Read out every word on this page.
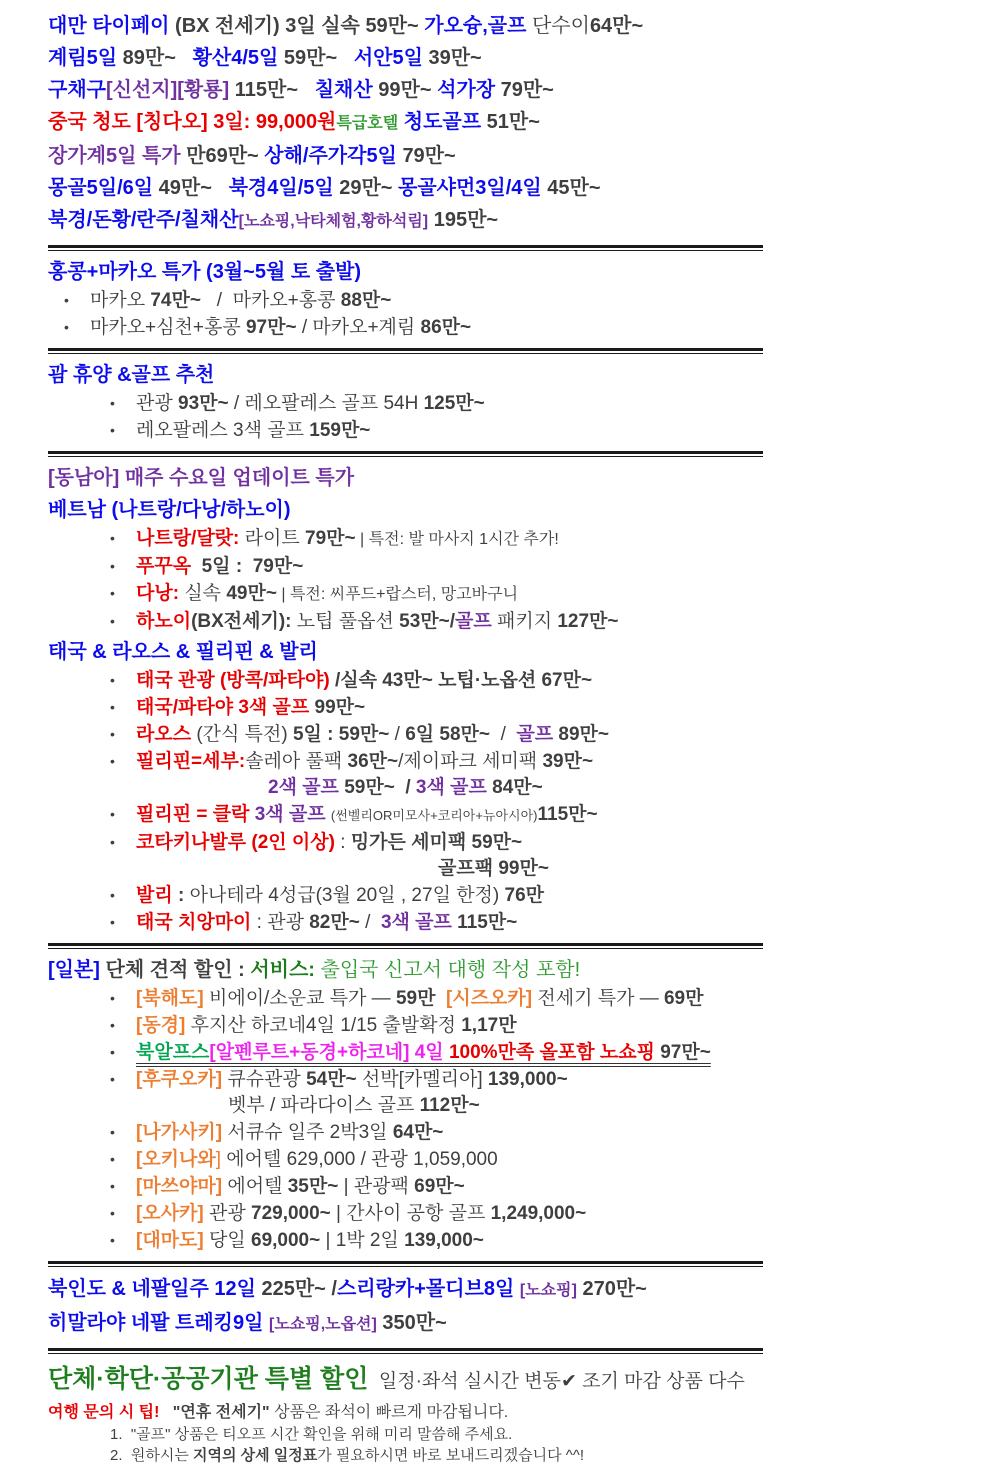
대만 타이페이 (BX 전세기) 3일 실속 59만~ 가오슝,골프 단수이64만~
계림5일 89만~   황산4/5일 59만~   서안5일 39만~
구채구[신선지][황룡] 115만~   칠채산 99만~ 석가장 79만~
중국 청도 [칭다오] 3일: 99,000원특급호텔 청도골프 51만~
장가계5일 특가 만69만~ 상해/주가각5일 79만~
몽골5일/6일 49만~   북경4일/5일 29만~ 몽골샤먼3일/4일 45만~
북경/돈황/란주/칠채산[노쇼핑,낙타체험,황하석림] 195만~
홍콩+마카오 특가 (3월~5월 토 출발)
• 마카오 74만~   /  마카오+홍콩 88만~
• 마카오+심천+홍콩 97만~ / 마카오+계림 86만~
괌 휴양 &골프 추천
• 관광 93만~ / 레오팔레스 골프 54H 125만~
• 레오팔레스 3색 골프 159만~
[동남아] 매주 수요일 업데이트 특가
베트남 (나트랑/다낭/하노이)
• 나트랑/달랏: 라이트 79만~ | 특전: 발 마사지 1시간 추가!
• 푸꾸옥  5일 :  79만~
• 다낭: 실속 49만~ | 특전: 씨푸드+랍스터, 망고바구니
• 하노이(BX전세기): 노팁 풀옵션 53만~/골프 패키지 127만~
태국 & 라오스 & 필리핀 & 발리
• 태국 관광 (방콕/파타야) /실속 43만~ 노팁·노옵션 67만~
• 태국/파타야 3색 골프 99만~
• 라오스 (간식 특전) 5일 : 59만~ / 6일 58만~  /  골프 89만~
• 필리핀=세부:솔레아 풀팩 36만~/제이파크 세미팩 39만~
2색 골프 59만~  / 3색 골프 84만~
• 필리핀 = 클락 3색 골프 (썬벨리OR미모사+코리아+뉴아시아)115만~
• 코타키나발루 (2인 이상) : 밍가든 세미팩 59만~
골프팩 99만~
• 발리 : 아나테라 4성급(3월 20일 , 27일 한정) 76만
• 태국 치앙마이 : 관광 82만~ /  3색 골프 115만~
[일본] 단체 견적 할인 : 서비스: 출입국 신고서 대행 작성 포함!
• [북해도] 비에이/소운쿄 특가 — 59만 [시즈오카] 전세기 특가 — 69만
• [동경] 후지산 하코네4일 1/15 출발확정 1,17만
• 북알프스[알펜루트+동경+하코네] 4일 100%만족 올포함 노쇼핑 97만~
• [후쿠오카] 큐슈관광 54만~ 선박[카멜리아] 139,000~
벳부 / 파라다이스 골프 112만~
• [나가사키] 서큐슈 일주 2박3일 64만~
• [오키나와] 에어텔 629,000 / 관광 1,059,000
• [마쓰야마] 에어텔 35만~ | 관광팩 69만~
• [오사카] 관광 729,000~ | 간사이 공항 골프 1,249,000~
• [대마도] 당일 69,000~ | 1박 2일 139,000~
북인도 & 네팔일주 12일 225만~ /스리랑카+몰디브8일 [노쇼핑] 270만~
히말라야 네팔 트레킹9일 [노쇼핑,노옵션] 350만~
단체·학단·공공기관 특별 할인  일정·좌석 실시간 변동✔ 조기 마감 상품 다수
여행 문의 시 팁!   "연휴 전세기" 상품은 좌석이 빠르게 마감됩니다.
1.  "골프" 상품은 티오프 시간 확인을 위해 미리 말씀해 주세요.
2.  원하시는 지역의 상세 일정표가 필요하시면 바로 보내드리겠습니다 ^^!
